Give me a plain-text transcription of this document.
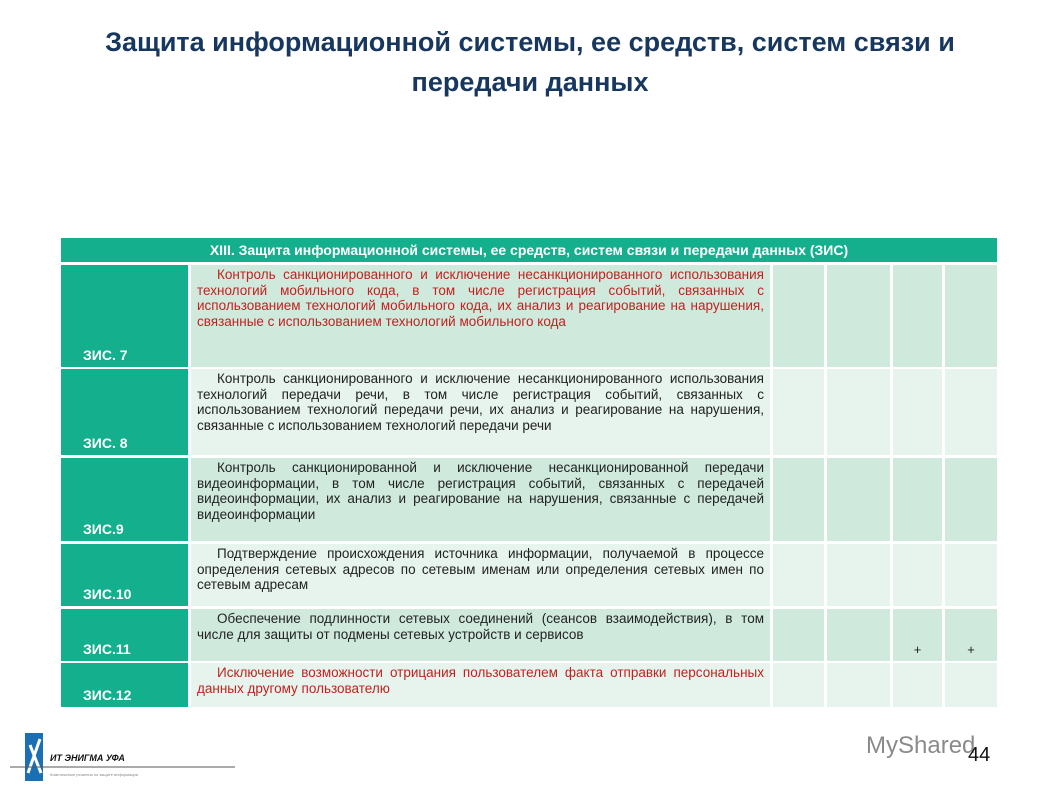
Защита информационной системы, ее средств, систем связи и передачи данных
XIII. Защита информационной системы, ее средств, систем связи и передачи данных (ЗИС)
ЗИС. 7
Контроль санкционированного и исключение несанкционированного использования технологий мобильного кода, в том числе регистрация событий, связанных с использованием технологий мобильного кода, их анализ и реагирование на нарушения, связанные с использованием технологий мобильного кода
ЗИС. 8
Контроль санкционированного и исключение несанкционированного использования технологий передачи речи, в том числе регистрация событий, связанных с использованием технологий передачи речи, их анализ и реагирование на нарушения, связанные с использованием технологий передачи речи
ЗИС.9
Контроль санкционированной и исключение несанкционированной передачи видеоинформации, в том числе регистрация событий, связанных с передачей видеоинформации, их анализ и реагирование на нарушения, связанные с передачей видеоинформации
ЗИС.10
Подтверждение происхождения источника информации, получаемой в процессе определения сетевых адресов по сетевым именам или определения сетевых имен по сетевым адресам
ЗИС.11
Обеспечение подлинности сетевых соединений (сеансов взаимодействия), в том числе для защиты от подмены сетевых устройств и сервисов
+	+
ЗИС.12
Исключение возможности отрицания пользователем факта отправки персональных данных другому пользователю
ИТ ЭНИГМА УФА
Комплексные решения по защите информации
MyShared
44
